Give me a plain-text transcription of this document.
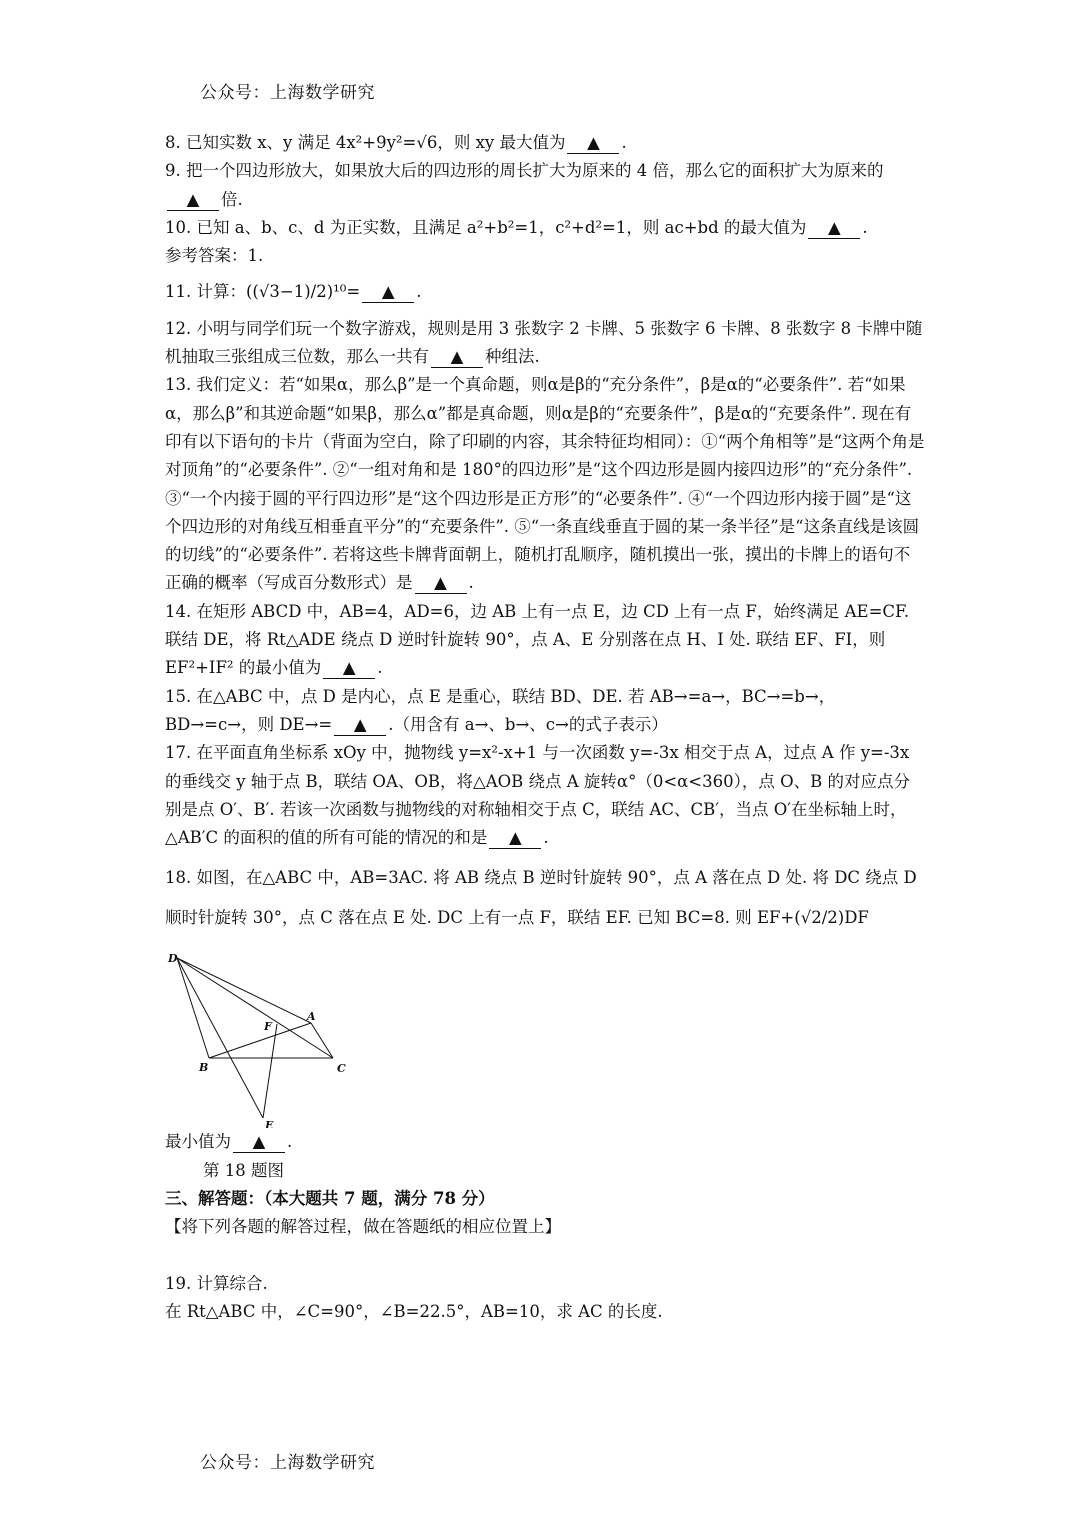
公众号：上海数学研究

8. 已知实数 x、y 满足 4x²+9y²=√6，则 xy 最大值为 ▲ .

9. 把一个四边形放大，如果放大后的四边形的周长扩大为原来的 4 倍，那么它的面积扩大为原来的▲ 倍.

10. 已知 a、b、c、d 为正实数，且满足 a²+b²=1，c²+d²=1，则 ac+bd 的最大值为 ▲ .

参考答案：1.

11. 计算：((√3−1)/2)¹⁰= ▲ .

12. 小明与同学们玩一个数字游戏，规则是用 3 张数字 2 卡牌、5 张数字 6 卡牌、8 张数字 8 卡牌中随机抽取三张组成三位数，那么一共有 ▲ 种组法.

13. 我们定义：若“如果α，那么β”是一个真命题，则α是β的“充分条件”，β是α的“必要条件”. 若“如果α，那么β”和其逆命题“如果β，那么α”都是真命题，则α是β的“充要条件”，β是α的“充要条件”. 现在有印有以下语句的卡片（背面为空白，除了印刷的内容，其余特征均相同）：①“两个角相等”是“这两个角是对顶角”的“必要条件”. ②“一组对角和是 180°的四边形”是“这个四边形是圆内接四边形”的“充分条件”. ③“一个内接于圆的平行四边形”是“这个四边形是正方形”的“必要条件”. ④“一个四边形内接于圆”是“这个四边形的对角线互相垂直平分”的“充要条件”. ⑤“一条直线垂直于圆的某一条半径”是“这条直线是该圆的切线”的“必要条件”. 若将这些卡牌背面朝上，随机打乱顺序，随机摸出一张，摸出的卡牌上的语句不正确的概率（写成百分数形式）是 ▲ .

14. 在矩形 ABCD 中，AB=4，AD=6，边 AB 上有一点 E，边 CD 上有一点 F，始终满足 AE=CF. 联结 DE，将 Rt△ADE 绕点 D 逆时针旋转 90°，点 A、E 分别落在点 H、I 处. 联结 EF、FI，则 EF²+IF² 的最小值为 ▲ .

15. 在△ABC 中，点 D 是内心，点 E 是重心，联结 BD、DE. 若 AB→=a→，BC→=b→，BD→=c→，则 DE→= ▲ .（用含有 a→、b→、c→的式子表示）

17. 在平面直角坐标系 xOy 中，抛物线 y=x²-x+1 与一次函数 y=-3x 相交于点 A，过点 A 作 y=-3x 的垂线交 y 轴于点 B，联结 OA、OB，将△AOB 绕点 A 旋转α°（0<α<360），点 O、B 的对应点分别是点 O′、B′. 若该一次函数与抛物线的对称轴相交于点 C，联结 AC、CB′，当点 O′在坐标轴上时，△AB′C 的面积的值的所有可能的情况的和是 ▲ .

18. 如图，在△ABC 中，AB=3AC. 将 AB 绕点 B 逆时针旋转 90°，点 A 落在点 D 处. 将 DC 绕点 D 顺时针旋转 30°，点 C 落在点 E 处. DC 上有一点 F，联结 EF. 已知 BC=8. 则 EF+(√2/2)DF

D
A
F
B	C
E

最小值为 ▲ .

第 18 题图

三、解答题：（本大题共 7 题，满分 78 分）

【将下列各题的解答过程，做在答题纸的相应位置上】

19. 计算综合.

在 Rt△ABC 中，∠C=90°，∠B=22.5°，AB=10，求 AC 的长度.

公众号：上海数学研究
